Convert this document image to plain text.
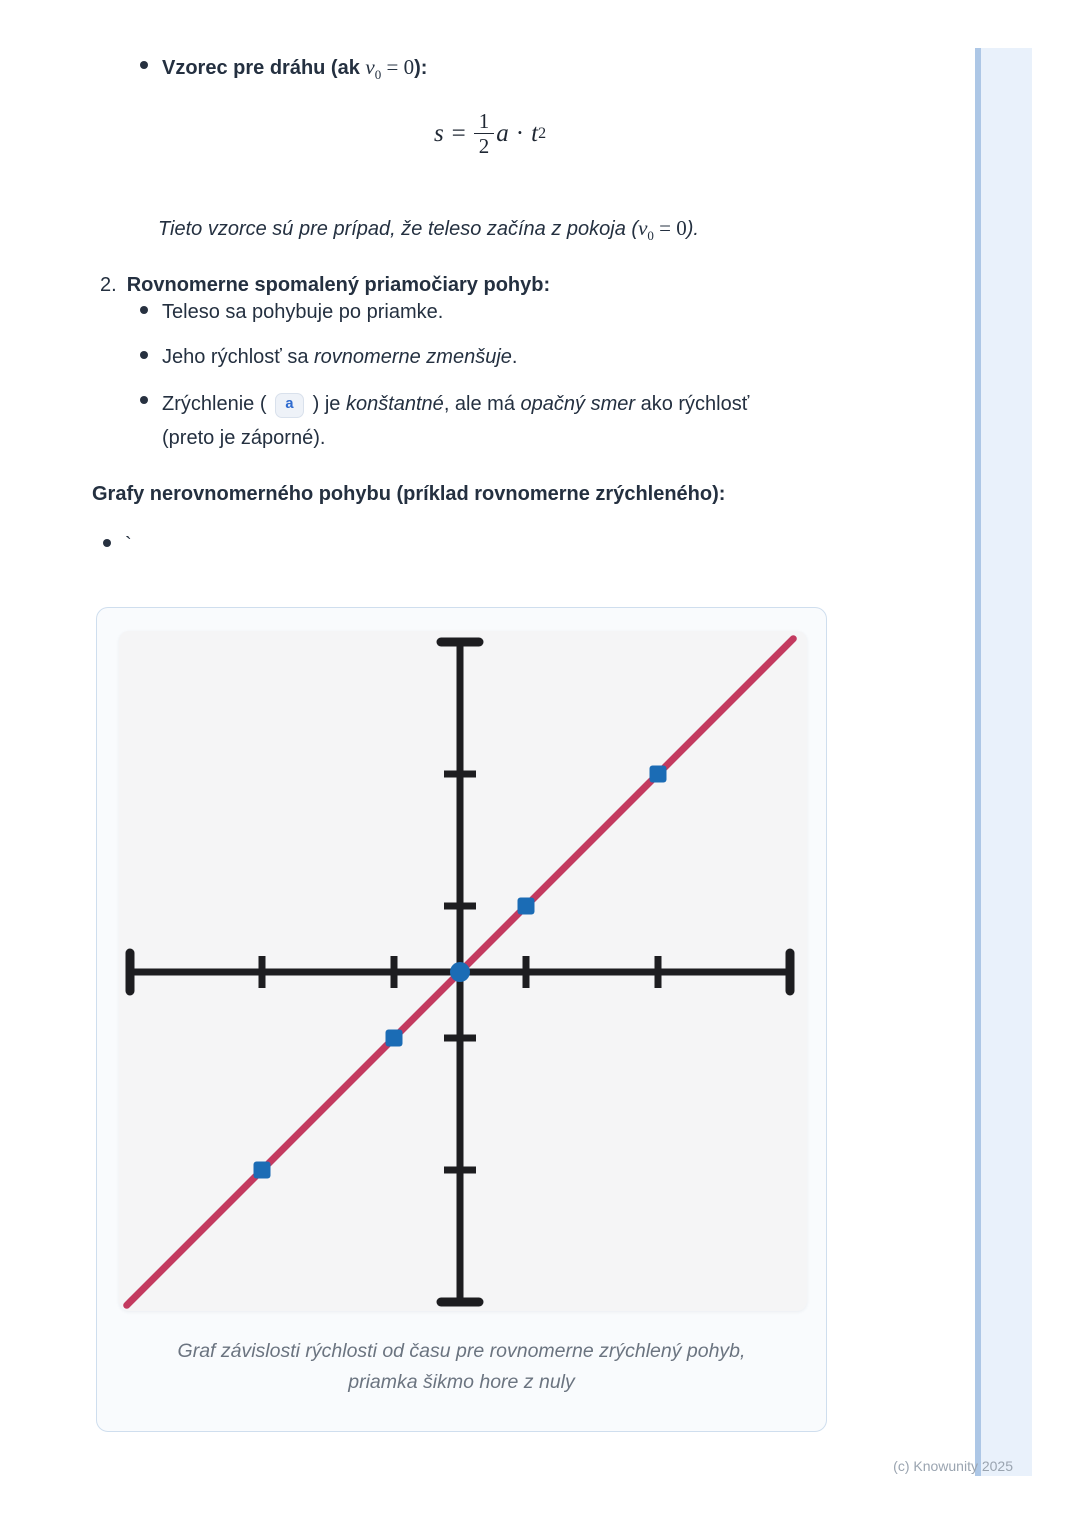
Vzorec pre dráhu (ak $v_0 = 0$):
$s = \frac{1}{2}$ a · t 2
Tieto vzorce sú pre prípad, že teleso začína z pokoja $(v_0 = 0)$.
2. Rovnomerne spomalený priamočiary pohyb:
Teleso sa pohybuje po priamke.
Jeho rýchlosť sa rovnomerne zmenšuje.
Zrýchlenie ( a ) je konštantné, ale má opačný smer ako rýchlosť (preto je záporné).
Grafy nerovnomerného pohybu (príklad rovnomerne zrýchleného):
`
Graf závislosti rýchlosti od času pre rovnomerne zrýchlený pohyb,
priamka šikmo hore z nuly
(c) Knowunity 2025
